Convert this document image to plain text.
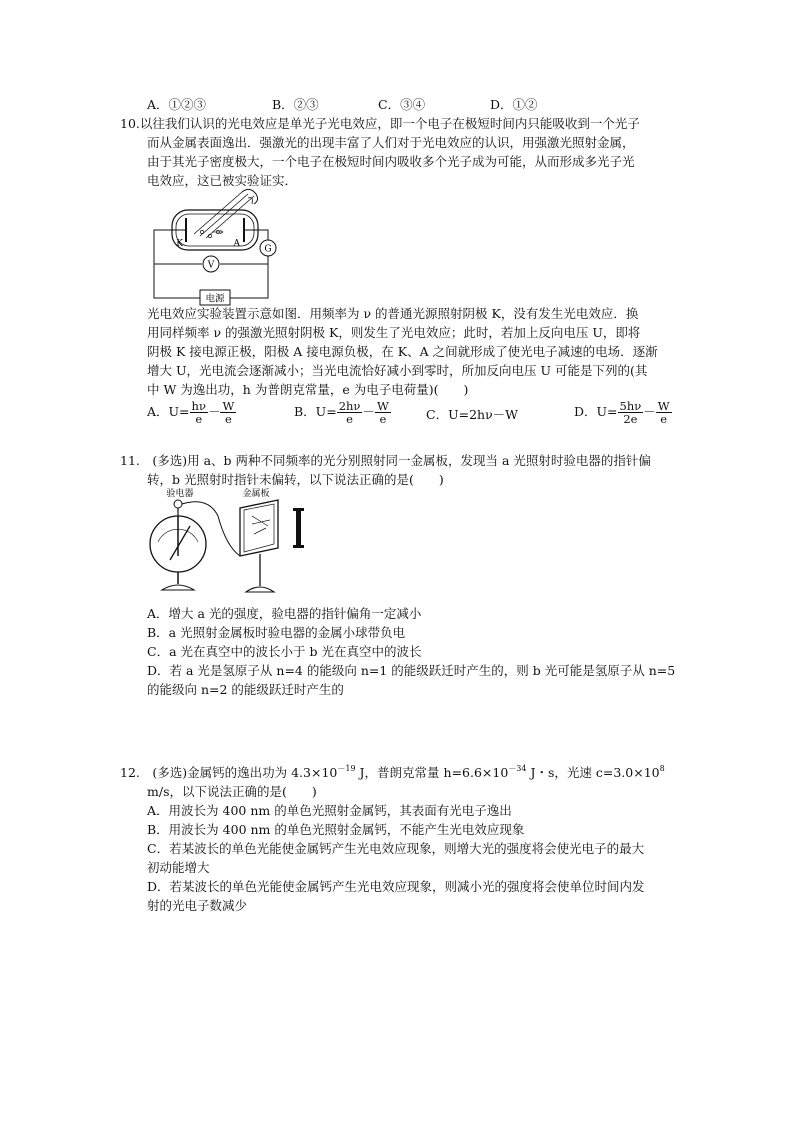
A．①②③	B．②③	C．③④	D．①②
10.以往我们认识的光电效应是单光子光电效应，即一个电子在极短时间内只能吸收到一个光子
而从金属表面逸出．强激光的出现丰富了人们对于光电效应的认识，用强激光照射金属，
由于其光子密度极大，一个电子在极短时间内吸收多个光子成为可能，从而形成多光子光
电效应，这已被实验证实．
K	A
G
V
电源
光电效应实验装置示意如图．用频率为 ν 的普通光源照射阴极 K，没有发生光电效应．换
用同样频率 ν 的强激光照射阴极 K，则发生了光电效应；此时，若加上反向电压 U，即将
阴极 K 接电源正极，阳极 A 接电源负极，在 K、A 之间就形成了使光电子减速的电场．逐渐
增大 U，光电流会逐渐减小；当光电流恰好减小到零时，所加反向电压 U 可能是下列的(其
中 W 为逸出功，h 为普朗克常量，e 为电子电荷量)(　　)
A．$U= \frac{h\nu}{e} - \frac{W}{e}$	B．$U= \frac{2h\nu}{e} - \frac{W}{e}$	C．U=2hν－W	D．$U= \frac{5h\nu}{2e} - \frac{W}{e}$
11.　(多选)用 a、b 两种不同频率的光分别照射同一金属板，发现当 a 光照射时验电器的指针偏
转，b 光照射时指针未偏转，以下说法正确的是(　　)
验电器	金属板
A．增大 a 光的强度，验电器的指针偏角一定减小
B．a 光照射金属板时验电器的金属小球带负电
C．a 光在真空中的波长小于 b 光在真空中的波长
D．若 a 光是氢原子从 n=4 的能级向 n=1 的能级跃迁时产生的，则 b 光可能是氢原子从 n=5
的能级向 n=2 的能级跃迁时产生的
12.　(多选)金属钙的逸出功为 $4.3\times 10^{-19}$ J，普朗克常量 $h=6.6\times 10^{-34}$ J・s，光速 $c=3.0\times 10^8$
m/s，以下说法正确的是(　　)
A．用波长为 400 nm 的单色光照射金属钙，其表面有光电子逸出
B．用波长为 400 nm 的单色光照射金属钙，不能产生光电效应现象
C．若某波长的单色光能使金属钙产生光电效应现象，则增大光的强度将会使光电子的最大
初动能增大
D．若某波长的单色光能使金属钙产生光电效应现象，则减小光的强度将会使单位时间内发
射的光电子数减少
